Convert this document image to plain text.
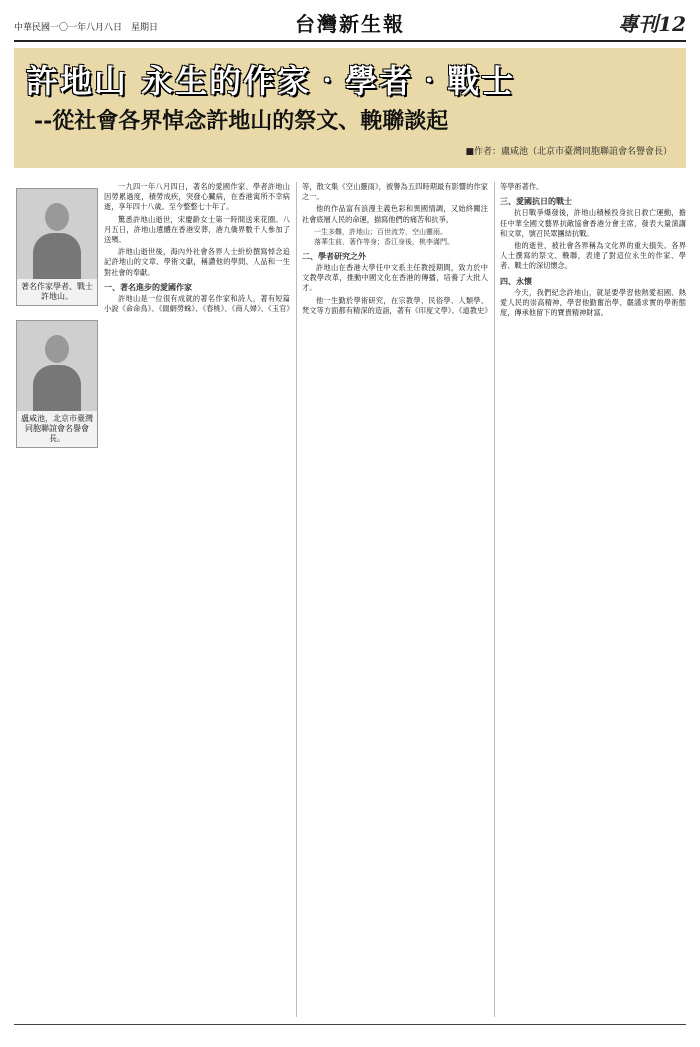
中華民國一〇一年八月八日　星期日	台灣新生報	專刊12
許地山 永生的作家‧學者‧戰士
--從社會各界悼念許地山的祭文、輓聯談起
■作者：盧咸池（北京市臺灣同胞聯誼會名譽會長）
著名作家學者、戰士許地山。
盧咸池，北京市臺灣同胞聯誼會名譽會長。

一九四一年八月四日，著名的愛國作家、學者許地山因勞累過度，積勞成疾，突發心臟病，在香港寓所不幸病逝，享年四十八歲。至今整整七十年了。

驚悉許地山逝世，宋慶齡女士第一時間送來花圈。八月五日，許地山遺體在香港安葬，港九僑界數千人參加了送殯。

許地山逝世後，海內外社會各界人士紛紛撰寫悼念追記許地山的文章、學術文獻，稱讚他的學問、人品和一生對社會的奉獻。

一、著名進步的愛國作家

許地山是一位很有成就的著名作家和詩人，著有短篇小說《命命鳥》、《綴網勞蛛》、《春桃》、《商人婦》、《玉官》等，散文集《空山靈雨》，被譽為五四時期最有影響的作家之一。

他的作品富有浪漫主義色彩和異國情調，又始終關注社會底層人民的命運，描寫他們的痛苦和抗爭。

一生多難，許地山；百世流芳，空山靈雨。
落華生前，著作等身；香江身後，桃李滿門。
二、學者研究之外

許地山在香港大學任中文系主任教授期間，致力於中文教學改革，推動中國文化在香港的傳播，培養了大批人才。

他一生勤於學術研究，在宗教學、民俗學、人類學、梵文等方面都有精深的造詣，著有《印度文學》、《道教史》等學術著作。

三、愛國抗日的戰士

抗日戰爭爆發後，許地山積極投身抗日救亡運動，擔任中華全國文藝界抗敵協會香港分會主席，發表大量演講和文章，號召民眾團結抗戰。

他的逝世，被社會各界稱為文化界的重大損失。各界人士撰寫的祭文、輓聯，表達了對這位永生的作家、學者、戰士的深切懷念。

四、永懷

今天，我們紀念許地山，就是要學習他熱愛祖國、熱愛人民的崇高精神，學習他勤奮治學、嚴謹求實的學術態度，傳承他留下的寶貴精神財富。
